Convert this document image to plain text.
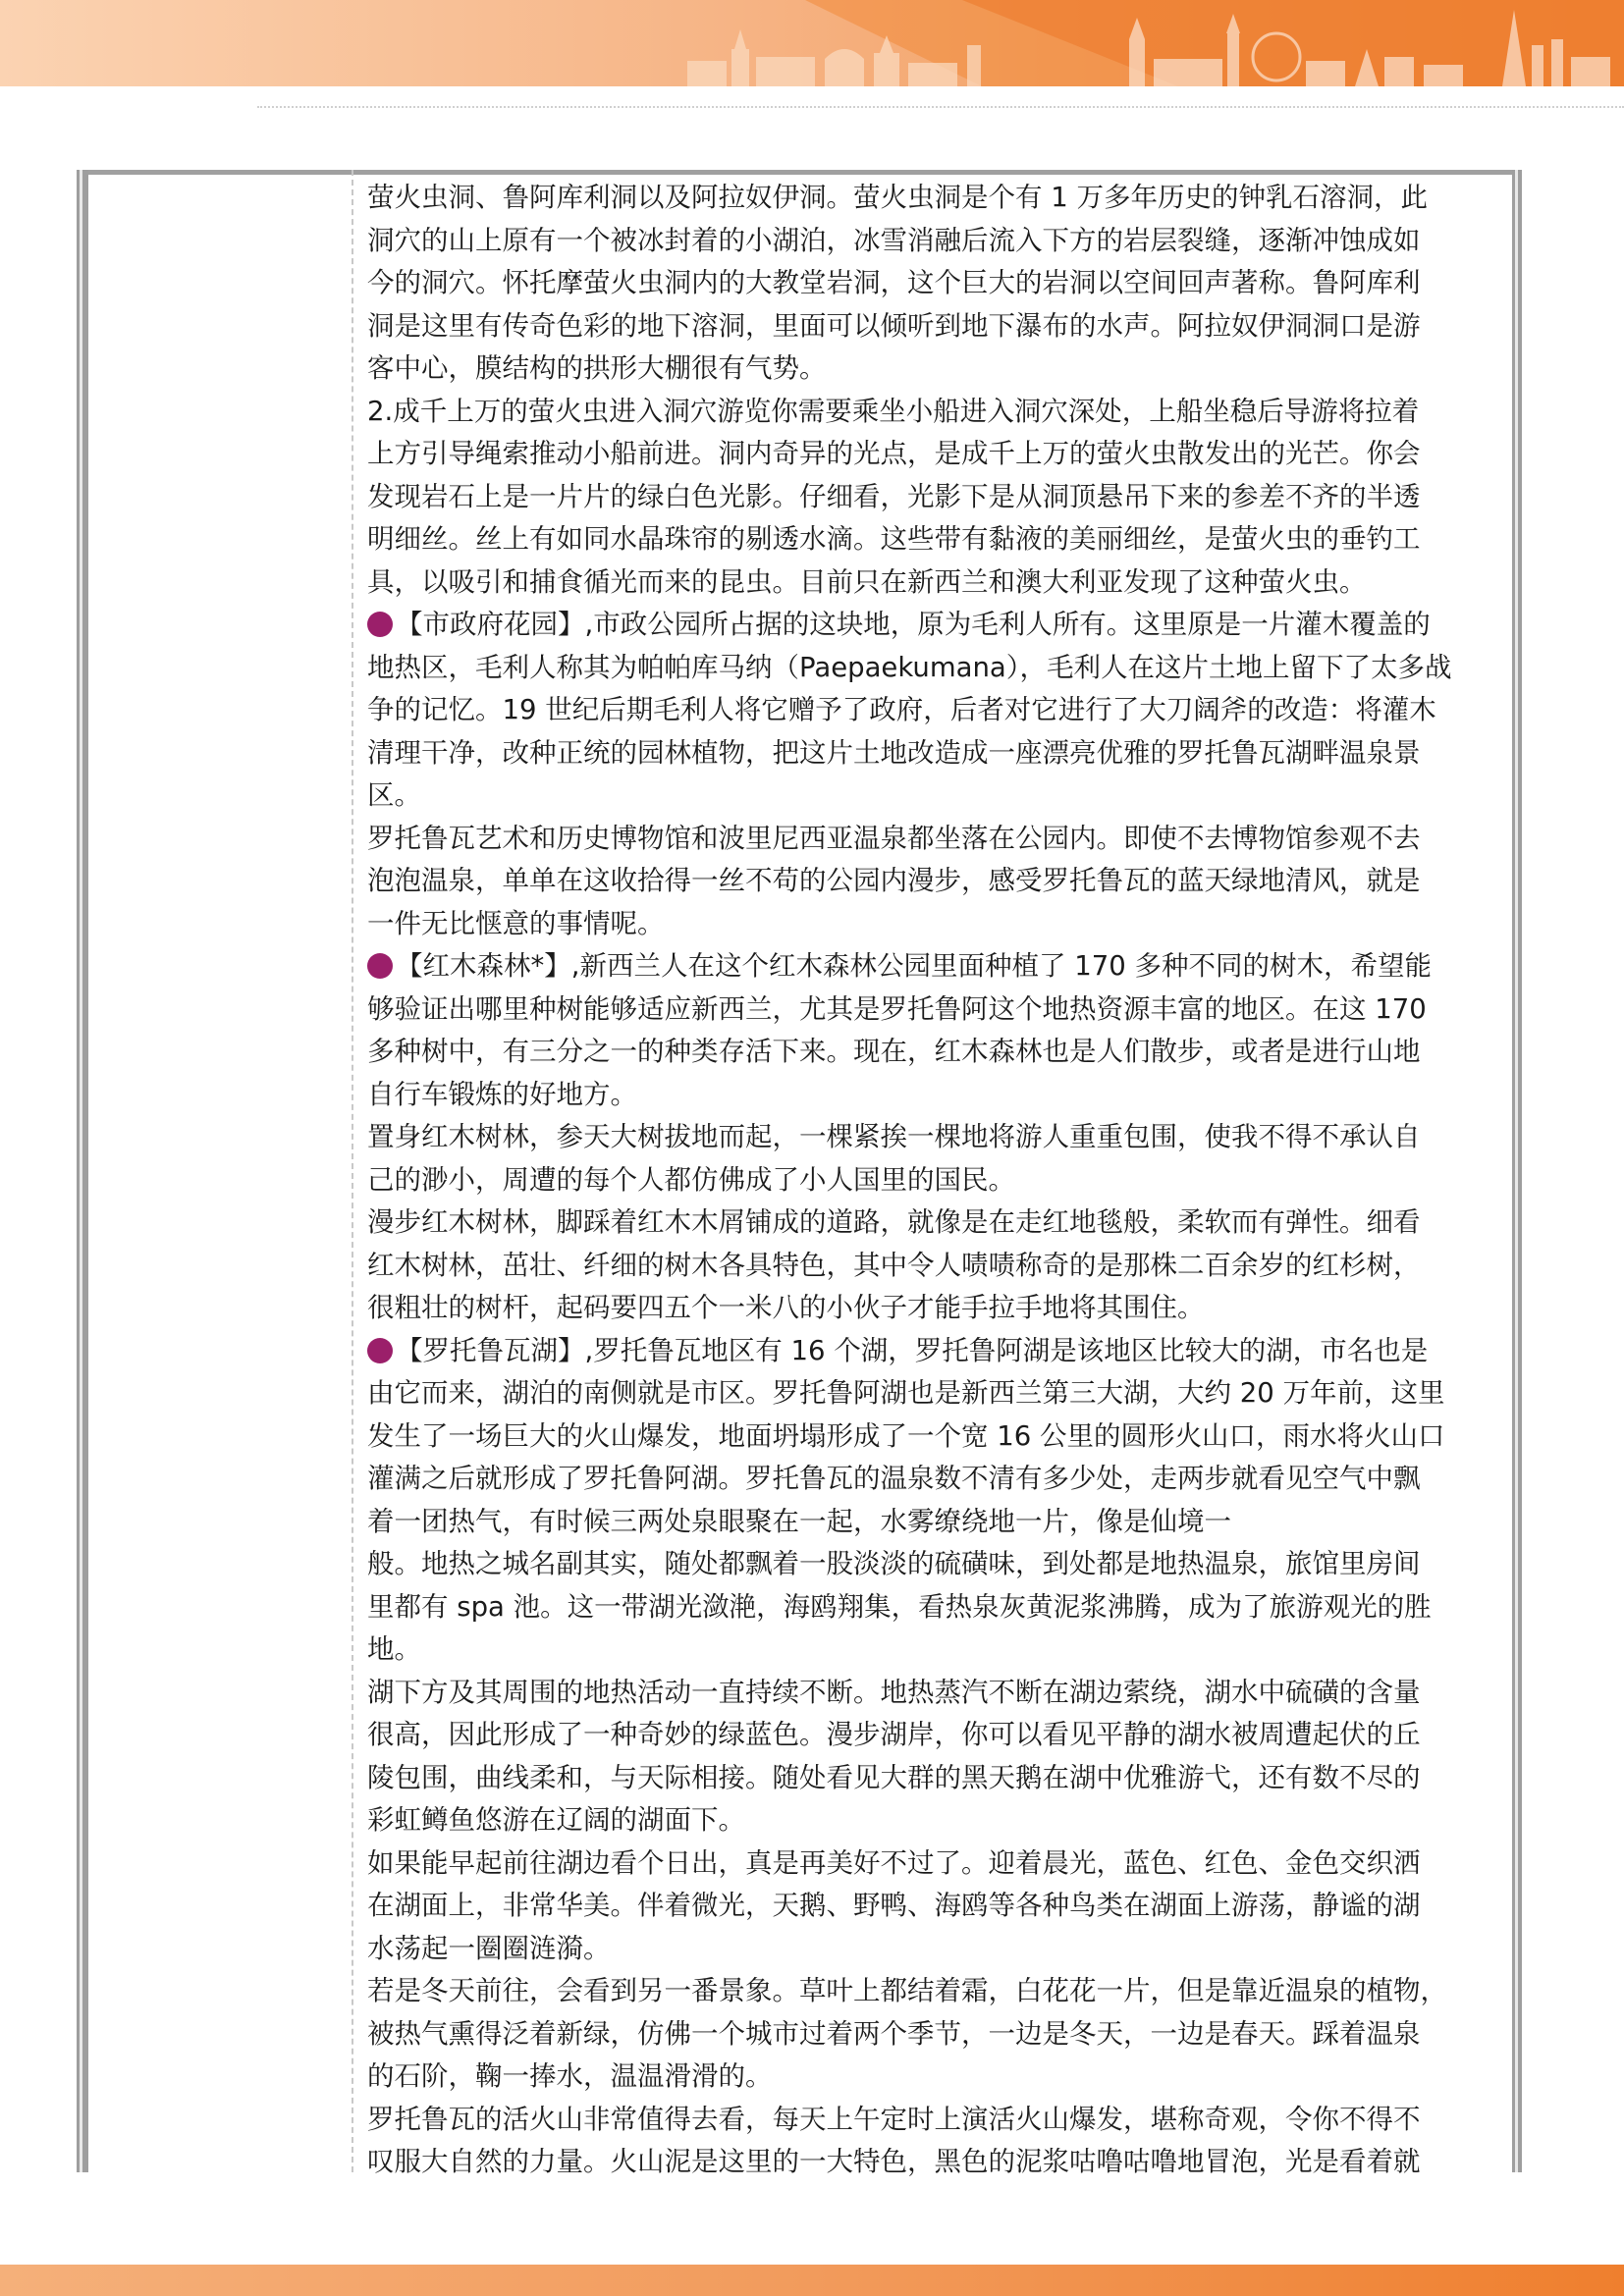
萤火虫洞、鲁阿库利洞以及阿拉奴伊洞。萤火虫洞是个有 1 万多年历史的钟乳石溶洞，此
洞穴的山上原有一个被冰封着的小湖泊，冰雪消融后流入下方的岩层裂缝，逐渐冲蚀成如
今的洞穴。怀托摩萤火虫洞内的大教堂岩洞，这个巨大的岩洞以空间回声著称。鲁阿库利
洞是这里有传奇色彩的地下溶洞，里面可以倾听到地下瀑布的水声。阿拉奴伊洞洞口是游
客中心，膜结构的拱形大棚很有气势。
2.成千上万的萤火虫进入洞穴游览你需要乘坐小船进入洞穴深处，上船坐稳后导游将拉着
上方引导绳索推动小船前进。洞内奇异的光点，是成千上万的萤火虫散发出的光芒。你会
发现岩石上是一片片的绿白色光影。仔细看，光影下是从洞顶悬吊下来的参差不齐的半透
明细丝。丝上有如同水晶珠帘的剔透水滴。这些带有黏液的美丽细丝，是萤火虫的垂钓工
具，以吸引和捕食循光而来的昆虫。目前只在新西兰和澳大利亚发现了这种萤火虫。
【市政府花园】,市政公园所占据的这块地，原为毛利人所有。这里原是一片灌木覆盖的
地热区，毛利人称其为帕帕库马纳（Paepaekumana），毛利人在这片土地上留下了太多战
争的记忆。19 世纪后期毛利人将它赠予了政府，后者对它进行了大刀阔斧的改造：将灌木
清理干净，改种正统的园林植物，把这片土地改造成一座漂亮优雅的罗托鲁瓦湖畔温泉景
区。
罗托鲁瓦艺术和历史博物馆和波里尼西亚温泉都坐落在公园内。即使不去博物馆参观不去
泡泡温泉，单单在这收拾得一丝不苟的公园内漫步，感受罗托鲁瓦的蓝天绿地清风，就是
一件无比惬意的事情呢。
【红木森林*】,新西兰人在这个红木森林公园里面种植了 170 多种不同的树木，希望能
够验证出哪里种树能够适应新西兰，尤其是罗托鲁阿这个地热资源丰富的地区。在这 170
多种树中，有三分之一的种类存活下来。现在，红木森林也是人们散步，或者是进行山地
自行车锻炼的好地方。
置身红木树林，参天大树拔地而起，一棵紧挨一棵地将游人重重包围，使我不得不承认自
己的渺小，周遭的每个人都仿佛成了小人国里的国民。
漫步红木树林，脚踩着红木木屑铺成的道路，就像是在走红地毯般，柔软而有弹性。细看
红木树林，茁壮、纤细的树木各具特色，其中令人啧啧称奇的是那株二百余岁的红杉树，
很粗壮的树杆，起码要四五个一米八的小伙子才能手拉手地将其围住。
【罗托鲁瓦湖】,罗托鲁瓦地区有 16 个湖，罗托鲁阿湖是该地区比较大的湖，市名也是
由它而来，湖泊的南侧就是市区。罗托鲁阿湖也是新西兰第三大湖，大约 20 万年前，这里
发生了一场巨大的火山爆发，地面坍塌形成了一个宽 16 公里的圆形火山口，雨水将火山口
灌满之后就形成了罗托鲁阿湖。罗托鲁瓦的温泉数不清有多少处，走两步就看见空气中飘
着一团热气，有时候三两处泉眼聚在一起，水雾缭绕地一片，像是仙境一
般。地热之城名副其实，随处都飘着一股淡淡的硫磺味，到处都是地热温泉，旅馆里房间
里都有 spa 池。这一带湖光潋滟，海鸥翔集，看热泉灰黄泥浆沸腾，成为了旅游观光的胜
地。
湖下方及其周围的地热活动一直持续不断。地热蒸汽不断在湖边萦绕，湖水中硫磺的含量
很高，因此形成了一种奇妙的绿蓝色。漫步湖岸，你可以看见平静的湖水被周遭起伏的丘
陵包围，曲线柔和，与天际相接。随处看见大群的黑天鹅在湖中优雅游弋，还有数不尽的
彩虹鳟鱼悠游在辽阔的湖面下。
如果能早起前往湖边看个日出，真是再美好不过了。迎着晨光，蓝色、红色、金色交织洒
在湖面上，非常华美。伴着微光，天鹅、野鸭、海鸥等各种鸟类在湖面上游荡，静谧的湖
水荡起一圈圈涟漪。
若是冬天前往，会看到另一番景象。草叶上都结着霜，白花花一片，但是靠近温泉的植物，
被热气熏得泛着新绿，仿佛一个城市过着两个季节，一边是冬天，一边是春天。踩着温泉
的石阶，鞠一捧水，温温滑滑的。
罗托鲁瓦的活火山非常值得去看，每天上午定时上演活火山爆发，堪称奇观，令你不得不
叹服大自然的力量。火山泥是这里的一大特色，黑色的泥浆咕噜咕噜地冒泡，光是看着就
